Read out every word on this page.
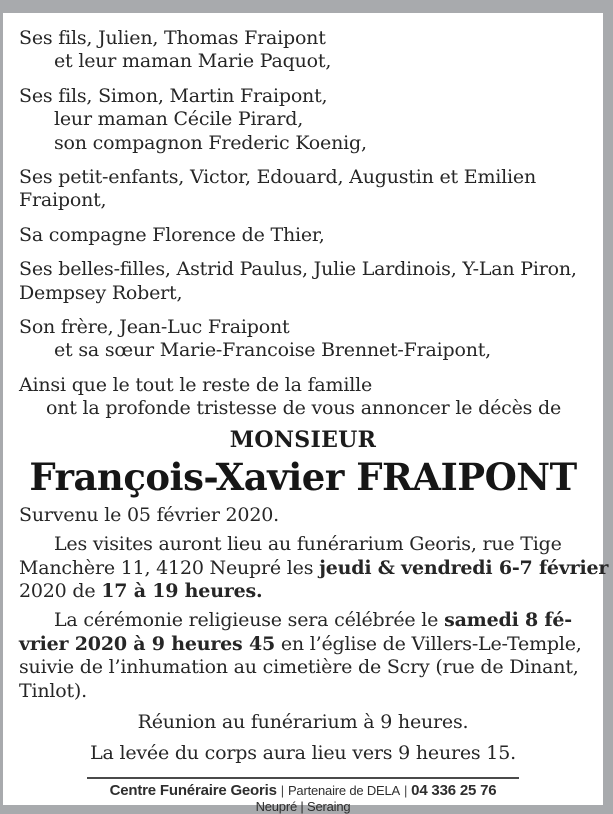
Ses fils, Julien, Thomas Fraipont
et leur maman Marie Paquot,
Ses fils, Simon, Martin Fraipont,
leur maman Cécile Pirard,
son compagnon Frederic Koenig,
Ses petit-enfants, Victor, Edouard, Augustin et Emilien
Fraipont,
Sa compagne Florence de Thier,
Ses belles-filles, Astrid Paulus, Julie Lardinois, Y-Lan Piron,
Dempsey Robert,
Son frère, Jean-Luc Fraipont
et sa sœur Marie-Francoise Brennet-Fraipont,
Ainsi que le tout le reste de la famille
ont la profonde tristesse de vous annoncer le décès de
MONSIEUR
François-Xavier FRAIPONT
Survenu le 05 février 2020.
Les visites auront lieu au funérarium Georis, rue Tige
Manchère 11, 4120 Neupré les jeudi & vendredi 6-7 février
2020 de 17 à 19 heures.
La cérémonie religieuse sera célébrée le samedi 8 fé-
vrier 2020 à 9 heures 45 en l’église de Villers-Le-Temple,
suivie de l’inhumation au cimetière de Scry (rue de Dinant,
Tinlot).
Réunion au funérarium à 9 heures.
La levée du corps aura lieu vers 9 heures 15.
Centre Funéraire Georis | Partenaire de DELA | 04 336 25 76
Neupré | Seraing
